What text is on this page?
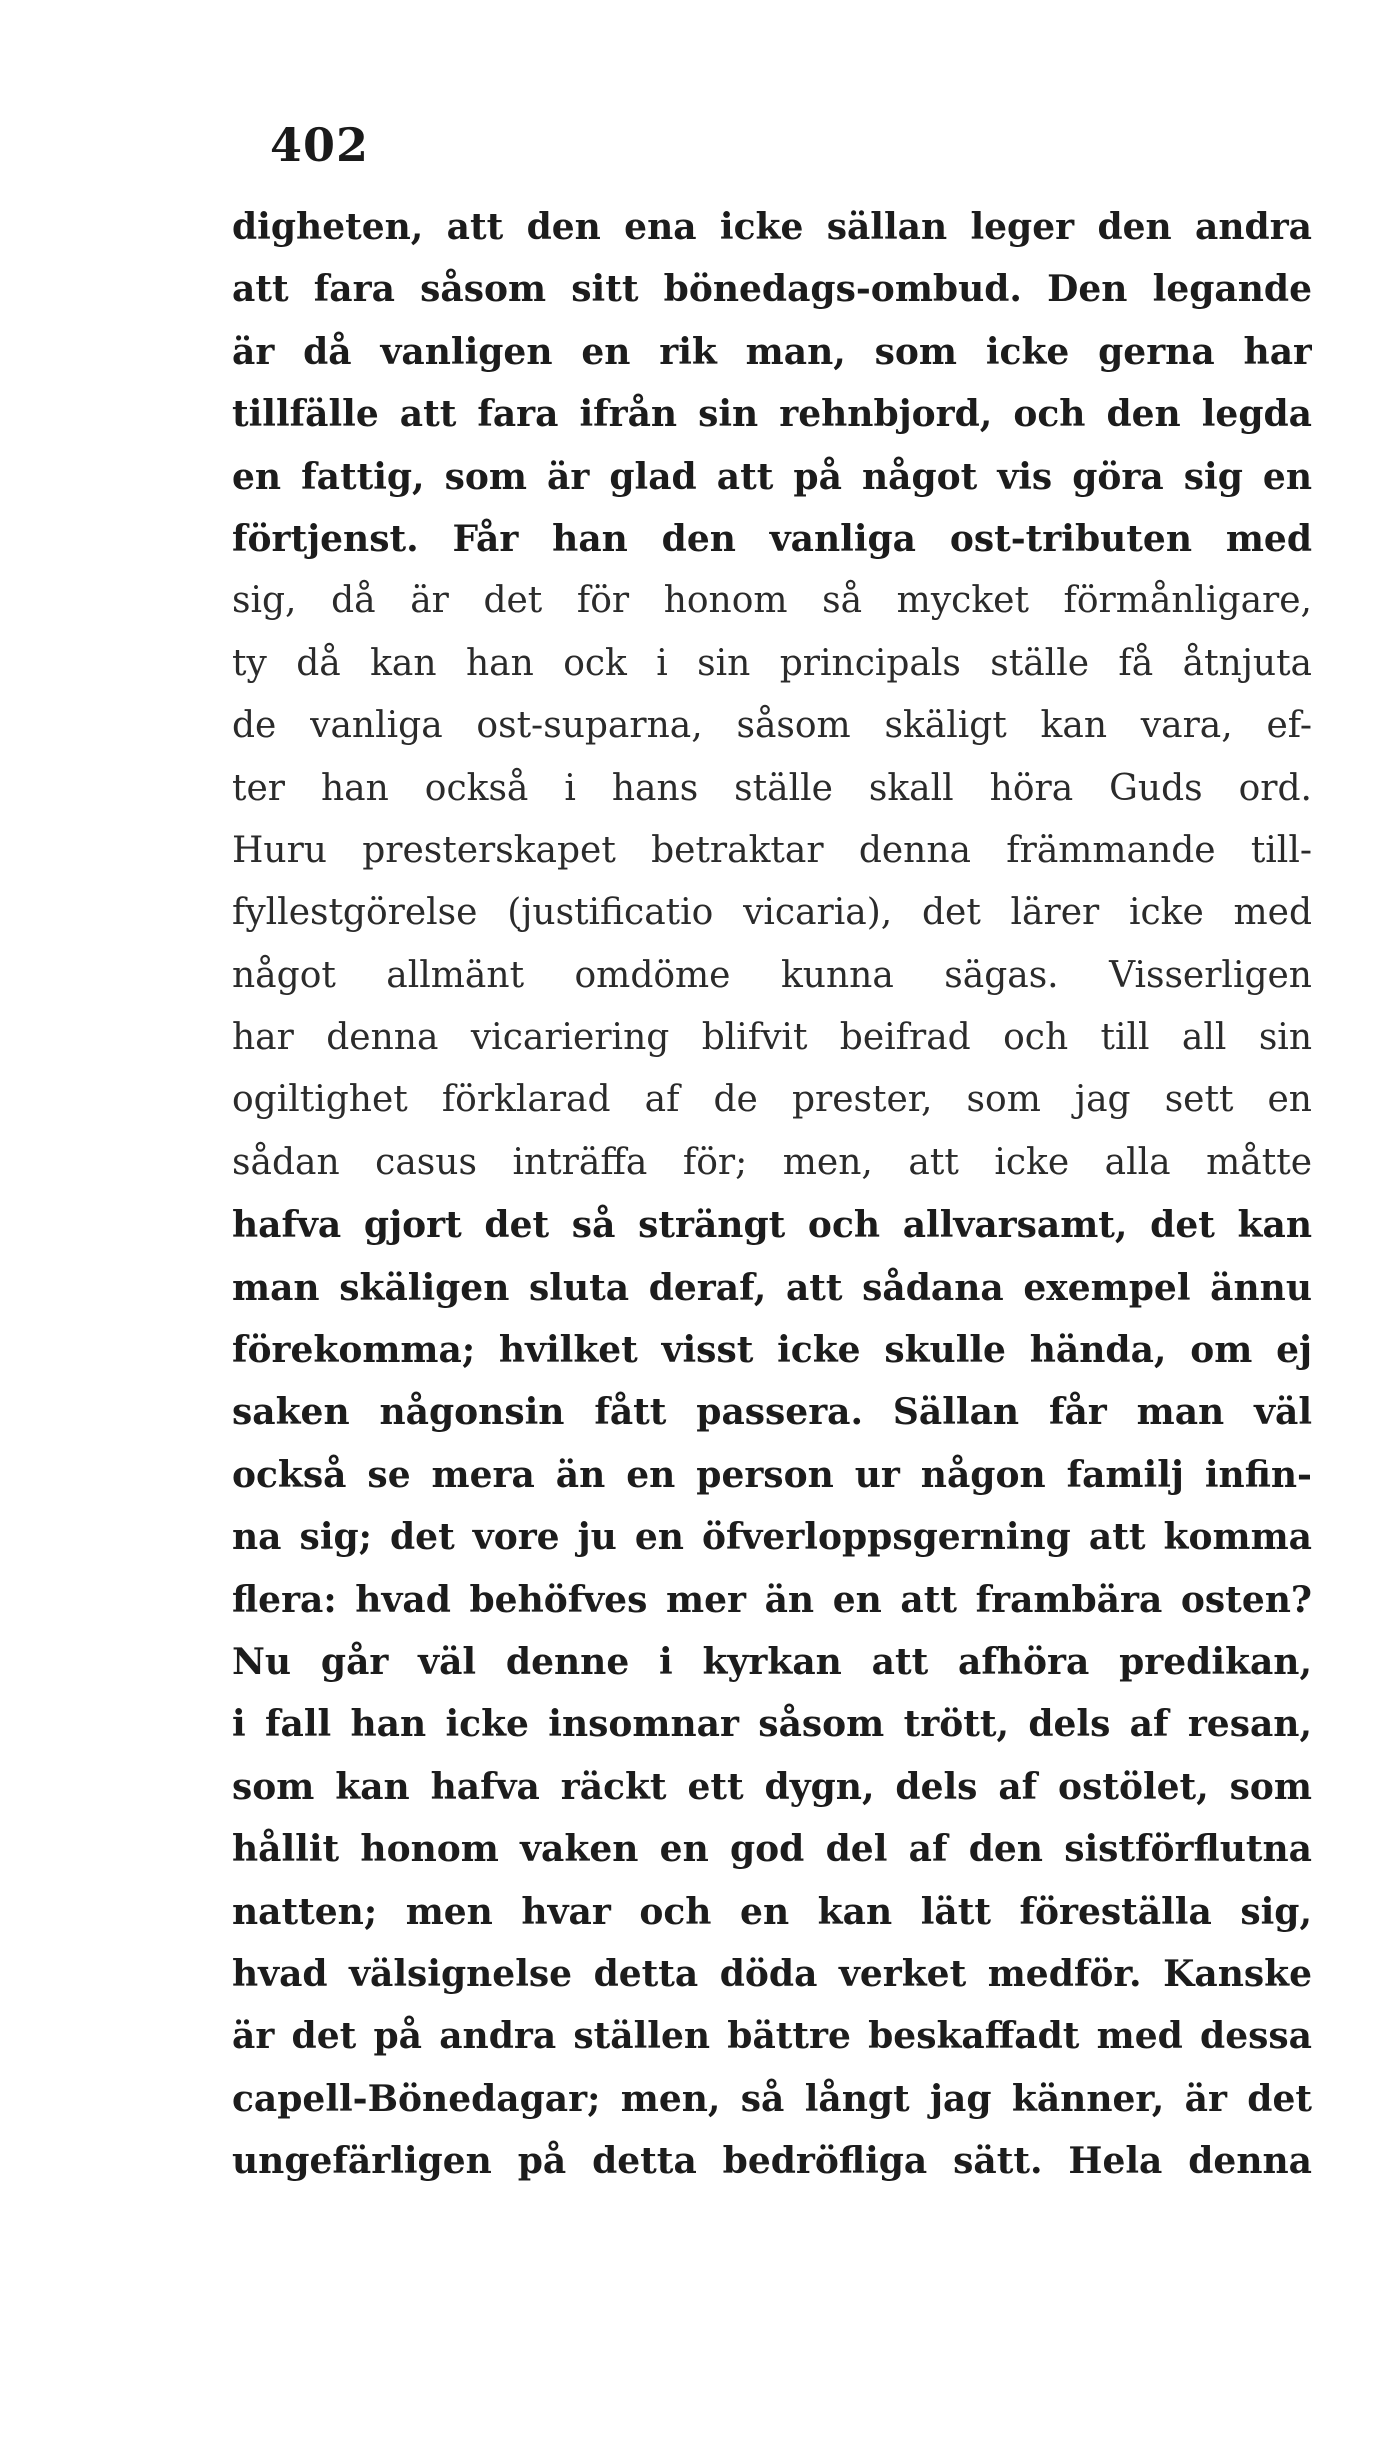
402
digheten, att den ena icke sällan leger den andra
att fara såsom sitt bönedags-ombud. Den legande
är då vanligen en rik man, som icke gerna har
tillfälle att fara ifrån sin rehnbjord, och den legda
en fattig, som är glad att på något vis göra sig en
förtjenst. Får han den vanliga ost-tributen med
sig, då är det för honom så mycket förmånligare,
ty då kan han ock i sin principals ställe få åtnjuta
de vanliga ost-suparna, såsom skäligt kan vara, ef-
ter han också i hans ställe skall höra Guds ord.
Huru presterskapet betraktar denna främmande till-
fyllestgörelse (justificatio vicaria), det lärer icke med
något allmänt omdöme kunna sägas. Visserligen
har denna vicariering blifvit beifrad och till all sin
ogiltighet förklarad af de prester, som jag sett en
sådan casus inträffa för; men, att icke alla måtte
hafva gjort det så strängt och allvarsamt, det kan
man skäligen sluta deraf, att sådana exempel ännu
förekomma; hvilket visst icke skulle hända, om ej
saken någonsin fått passera. Sällan får man väl
också se mera än en person ur någon familj infin-
na sig; det vore ju en öfverloppsgerning att komma
flera: hvad behöfves mer än en att frambära osten?
Nu går väl denne i kyrkan att afhöra predikan,
i fall han icke insomnar såsom trött, dels af resan,
som kan hafva räckt ett dygn, dels af ostölet, som
hållit honom vaken en god del af den sistförflutna
natten; men hvar och en kan lätt föreställa sig,
hvad välsignelse detta döda verket medför. Kanske
är det på andra ställen bättre beskaffadt med dessa
capell-Bönedagar; men, så långt jag känner, är det
ungefärligen på detta bedröfliga sätt. Hela denna
